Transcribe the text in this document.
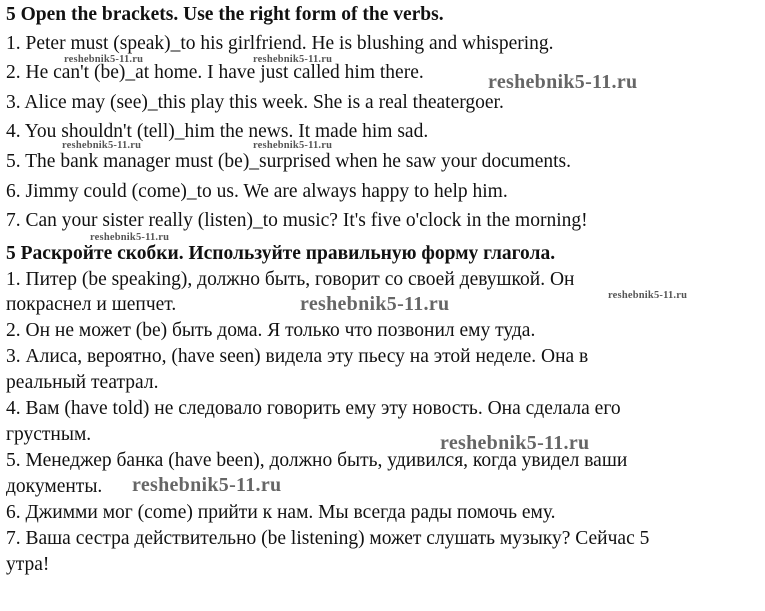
5 Open the brackets. Use the right form of the verbs.
1. Peter must (speak)_to his girlfriend. He is blushing and whispering.
2. He can't (be)_at home. I have just called him there.
3. Alice may (see)_this play this week. She is a real theatergoer.
4. You shouldn't (tell)_him the news. It made him sad.
5. The bank manager must (be)_surprised when he saw your documents.
6. Jimmy could (come)_to us. We are always happy to help him.
7. Can your sister really (listen)_to music? It's five o'clock in the morning!
5 Раскройте скобки. Используйте правильную форму глагола.
1. Питер (be speaking), должно быть, говорит со своей девушкой. Он
покраснел и шепчет.
2. Он не может (be) быть дома. Я только что позвонил ему туда.
3. Алиса, вероятно, (have seen) видела эту пьесу на этой неделе. Она в
реальный театрал.
4. Вам (have told) не следовало говорить ему эту новость. Она сделала его
грустным.
5. Менеджер банка (have been), должно быть, удивился, когда увидел ваши
документы.
6. Джимми мог (come) прийти к нам. Мы всегда рады помочь ему.
7. Ваша сестра действительно (be listening) может слушать музыку? Сейчас 5
утра!
reshebnik5-11.ru	reshebnik5-11.ru
reshebnik5-11.ru
reshebnik5-11.ru	reshebnik5-11.ru
reshebnik5-11.ru
reshebnik5-11.ru	reshebnik5-11.ru
reshebnik5-11.ru
reshebnik5-11.ru
